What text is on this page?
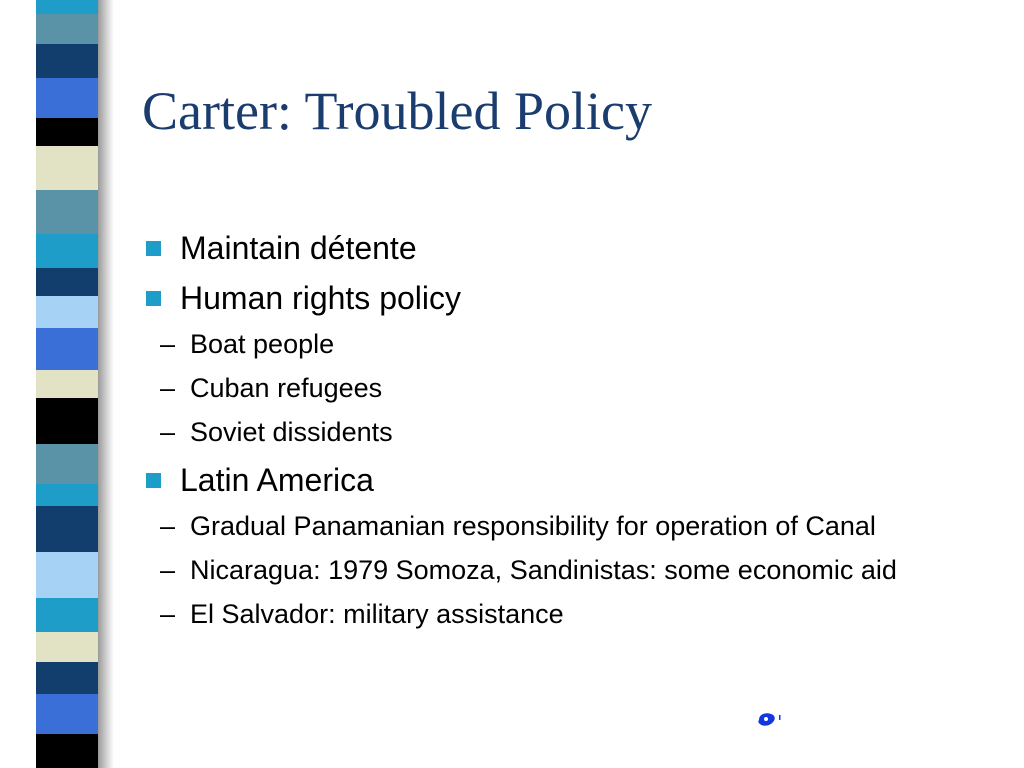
Carter: Troubled Policy
Maintain détente
Human rights policy
– Boat people
– Cuban refugees
– Soviet dissidents
Latin America
– Gradual Panamanian responsibility for operation of Canal
– Nicaragua: 1979 Somoza, Sandinistas: some economic aid
– El Salvador: military assistance
